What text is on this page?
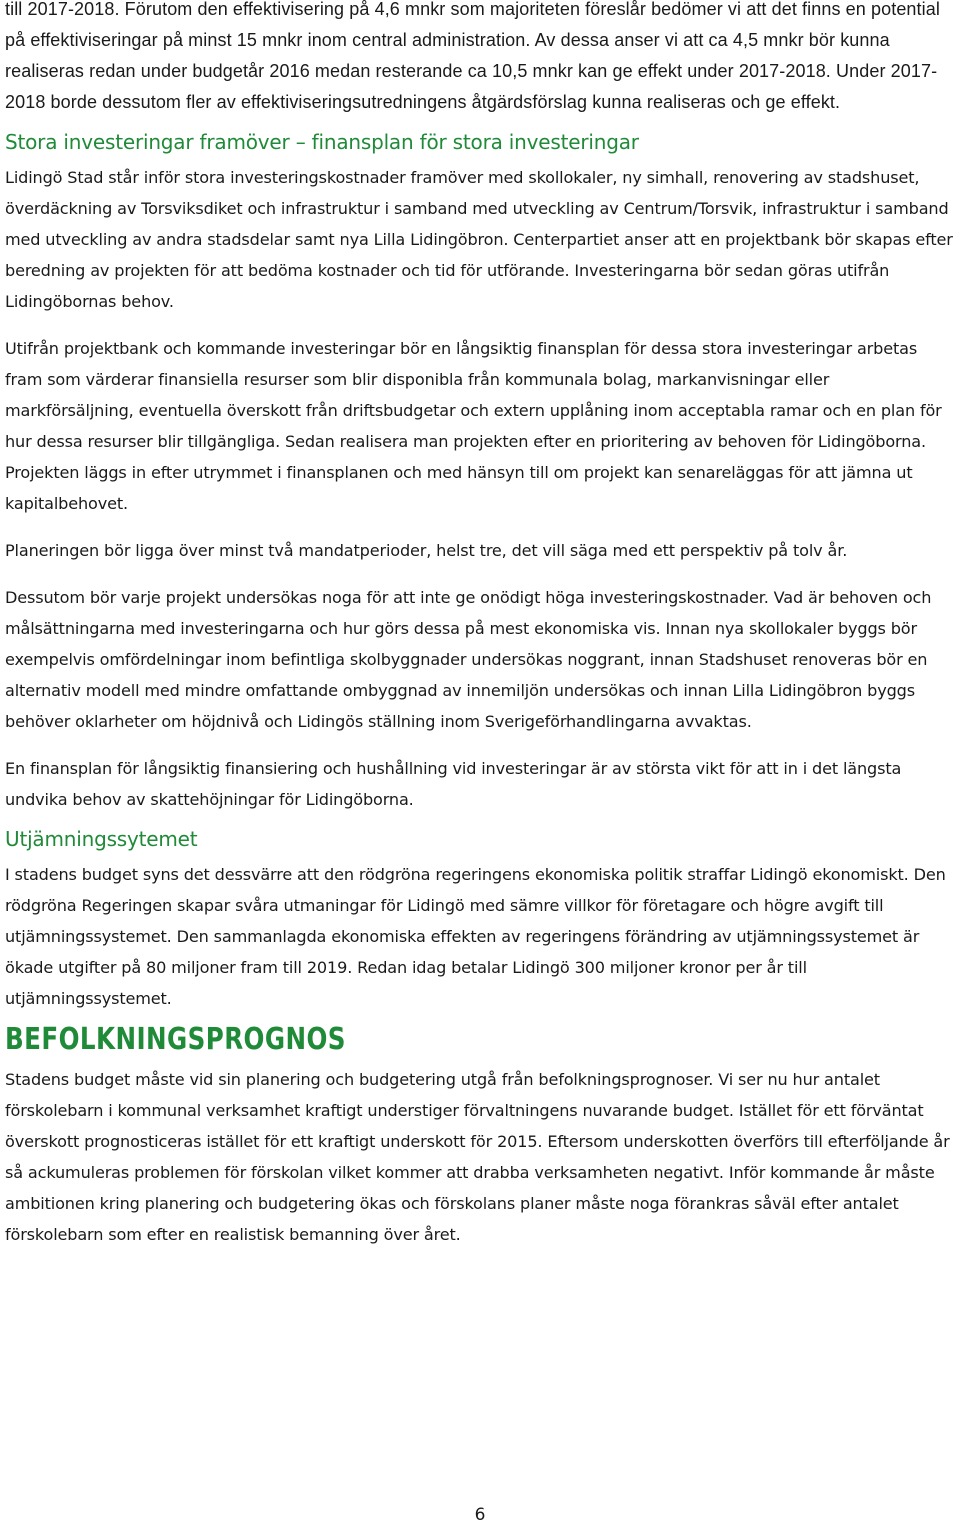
till 2017-2018. Förutom den effektivisering på 4,6 mnkr som majoriteten föreslår bedömer vi att det finns en potential på effektiviseringar på minst 15 mnkr inom central administration. Av dessa anser vi att ca 4,5 mnkr bör kunna realiseras redan under budgetår 2016 medan resterande ca 10,5 mnkr kan ge effekt under 2017-2018. Under 2017-2018 borde dessutom fler av effektiviseringsutredningens åtgärdsförslag kunna realiseras och ge effekt.

Stora investeringar framöver – finansplan för stora investeringar

Lidingö Stad står inför stora investeringskostnader framöver med skollokaler, ny simhall, renovering av stadshuset, överdäckning av Torsviksdiket och infrastruktur i samband med utveckling av Centrum/Torsvik, infrastruktur i samband med utveckling av andra stadsdelar samt nya Lilla Lidingöbron. Centerpartiet anser att en projektbank bör skapas efter beredning av projekten för att bedöma kostnader och tid för utförande. Investeringarna bör sedan göras utifrån Lidingöbornas behov.

Utifrån projektbank och kommande investeringar bör en långsiktig finansplan för dessa stora investeringar arbetas fram som värderar finansiella resurser som blir disponibla från kommunala bolag, markanvisningar eller markförsäljning, eventuella överskott från driftsbudgetar och extern upplåning inom acceptabla ramar och en plan för hur dessa resurser blir tillgängliga. Sedan realisera man projekten efter en prioritering av behoven för Lidingöborna. Projekten läggs in efter utrymmet i finansplanen och med hänsyn till om projekt kan senareläggas för att jämna ut kapitalbehovet.

Planeringen bör ligga över minst två mandatperioder, helst tre, det vill säga med ett perspektiv på tolv år.

Dessutom bör varje projekt undersökas noga för att inte ge onödigt höga investeringskostnader. Vad är behoven och målsättningarna med investeringarna och hur görs dessa på mest ekonomiska vis. Innan nya skollokaler byggs bör exempelvis omfördelningar inom befintliga skolbyggnader undersökas noggrant, innan Stadshuset renoveras bör en alternativ modell med mindre omfattande ombyggnad av innemiljön undersökas och innan Lilla Lidingöbron byggs behöver oklarheter om höjdnivå och Lidingös ställning inom Sverigeförhandlingarna avvaktas.

En finansplan för långsiktig finansiering och hushållning vid investeringar är av största vikt för att in i det längsta undvika behov av skattehöjningar för Lidingöborna.

Utjämningssytemet

I stadens budget syns det dessvärre att den rödgröna regeringens ekonomiska politik straffar Lidingö ekonomiskt. Den rödgröna Regeringen skapar svåra utmaningar för Lidingö med sämre villkor för företagare och högre avgift till utjämningssystemet. Den sammanlagda ekonomiska effekten av regeringens förändring av utjämningssystemet är ökade utgifter på 80 miljoner fram till 2019. Redan idag betalar Lidingö 300 miljoner kronor per år till utjämningssystemet.

BEFOLKNINGSPROGNOS

Stadens budget måste vid sin planering och budgetering utgå från befolkningsprognoser. Vi ser nu hur antalet förskolebarn i kommunal verksamhet kraftigt understiger förvaltningens nuvarande budget. Istället för ett förväntat överskott prognosticeras istället för ett kraftigt underskott för 2015. Eftersom underskotten överförs till efterföljande år så ackumuleras problemen för förskolan vilket kommer att drabba verksamheten negativt. Inför kommande år måste ambitionen kring planering och budgetering ökas och förskolans planer måste noga förankras såväl efter antalet förskolebarn som efter en realistisk bemanning över året.

6
